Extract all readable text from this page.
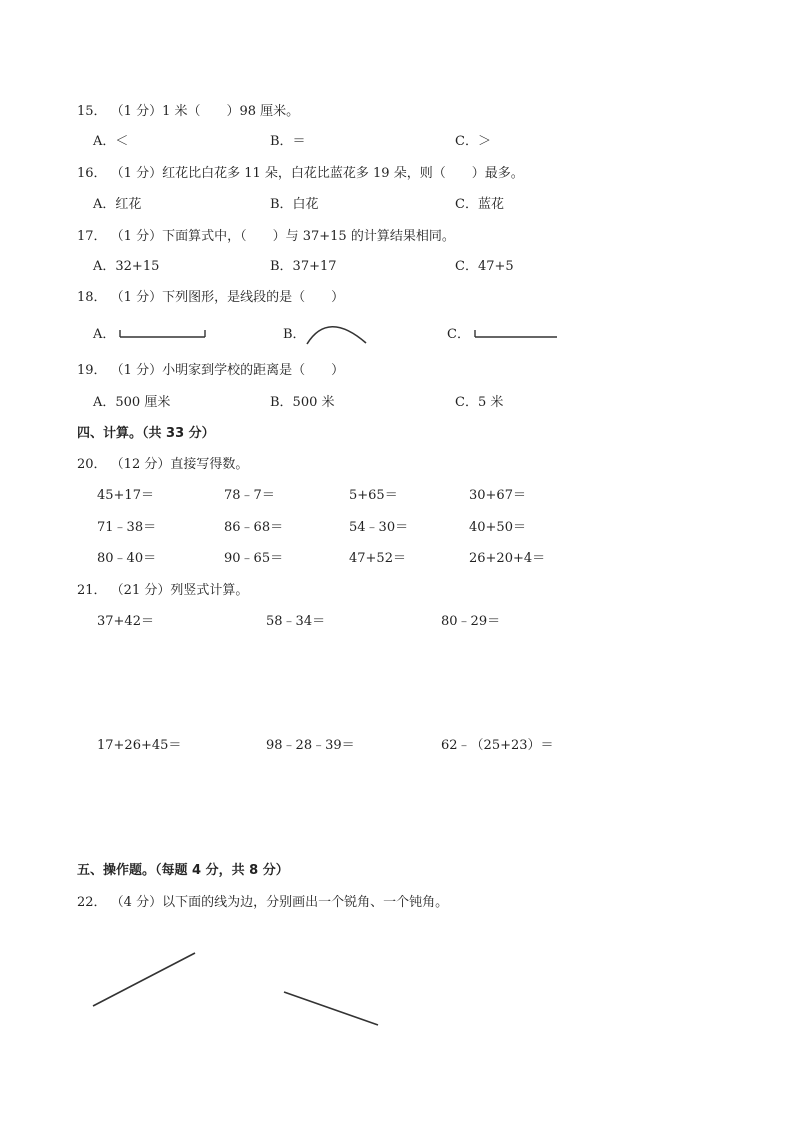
15． （1 分）1 米（　　）98 厘米。
A．＜	B．＝	C．＞
16． （1 分）红花比白花多 11 朵，白花比蓝花多 19 朵，则（　　）最多。
A．红花	B．白花	C．蓝花
17． （1 分）下面算式中，（　　）与 37+15 的计算结果相同。
A．32+15	B．37+17	C．47+5
18． （1 分）下列图形，是线段的是（　　）
A．	B．	C．
19． （1 分）小明家到学校的距离是（　　）
A．500 厘米	B．500 米	C．5 米
四、计算。（共 33 分）
20． （12 分）直接写得数。
45+17＝	78﹣7＝	5+65＝	30+67＝
71﹣38＝	86﹣68＝	54﹣30＝	40+50＝
80﹣40＝	90﹣65＝	47+52＝	26+20+4＝
21． （21 分）列竖式计算。
37+42＝	58﹣34＝	80﹣29＝
17+26+45＝	98﹣28﹣39＝	62﹣（25+23）＝
五、操作题。（每题 4 分，共 8 分）
22． （4 分）以下面的线为边，分别画出一个锐角、一个钝角。
